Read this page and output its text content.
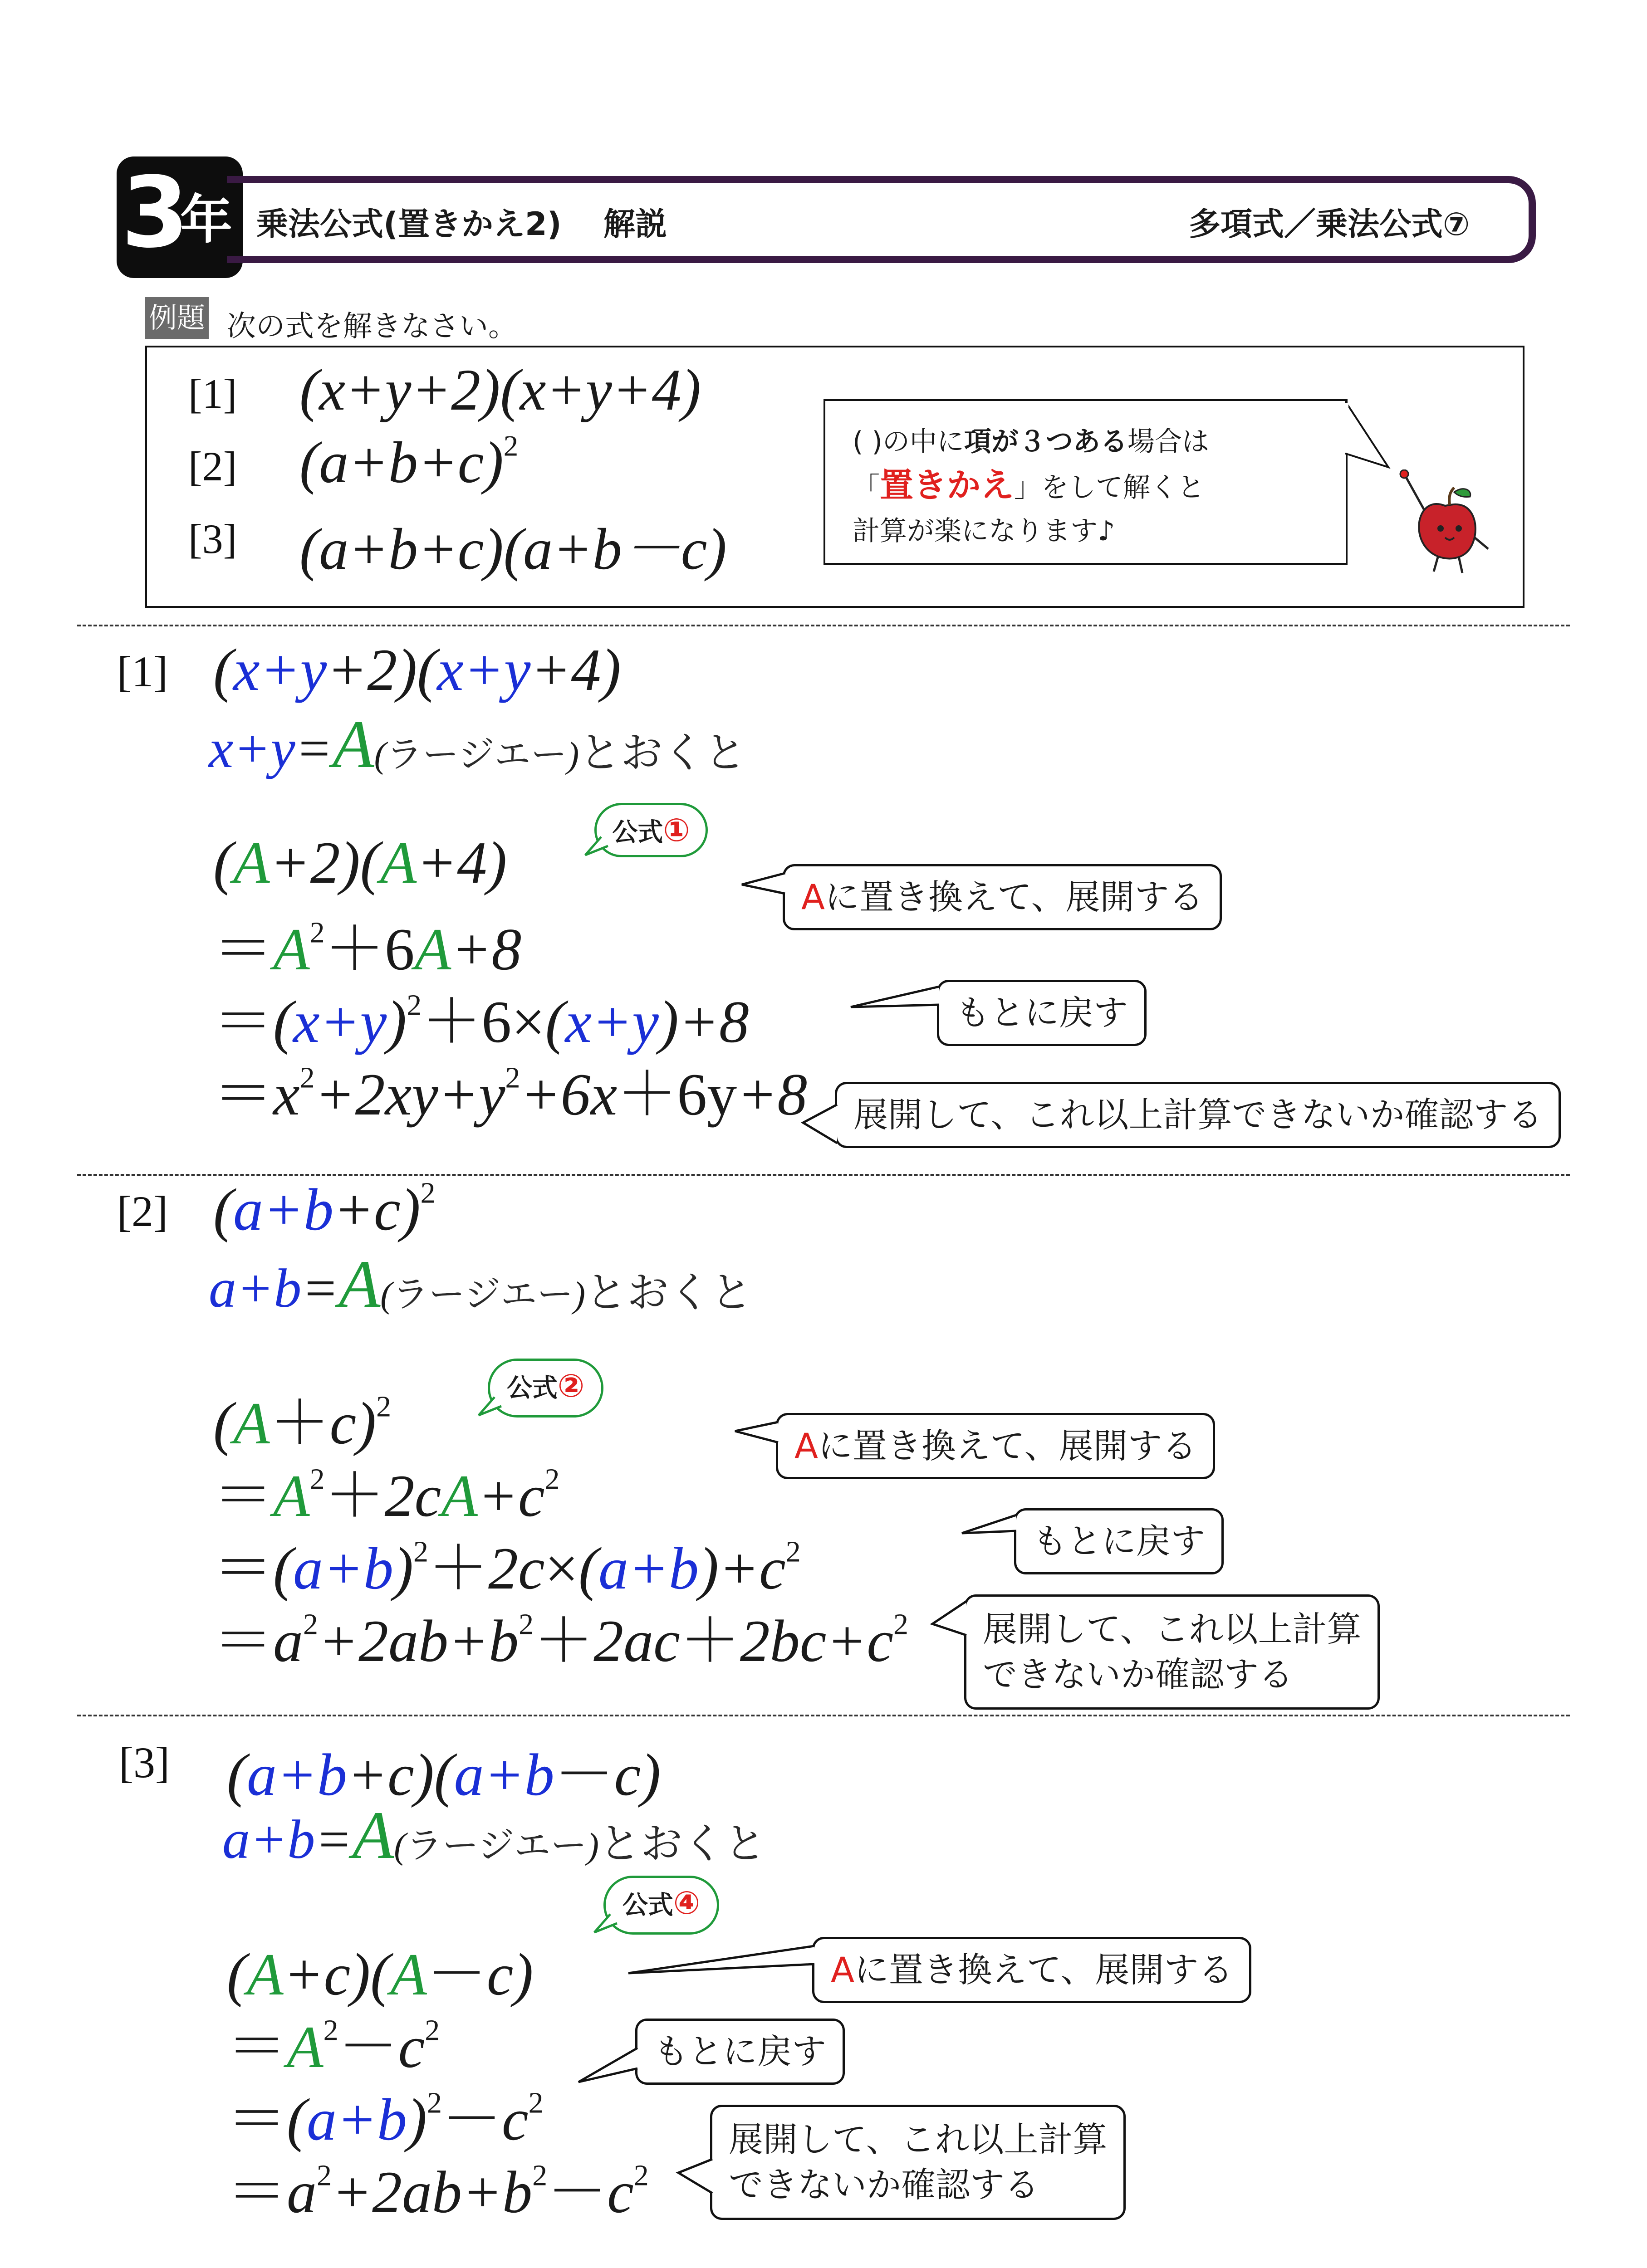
3
年 乗法公式(置きかえ2) 解説	多項式／乗法公式⑦
例題 次の式を解きなさい。
[1] (x+y+2)(x+y+4)
[2] $(a+b+c)^2$
[3] (a+b+c)(a+b－c)
( )の中に項が３つある場合は
「置きかえ」をして解くと
計算が楽になります♪
[1] (x+y+2)(x+y+4)
x+y=A(ラージエー)とおくと
(A+2)(A+4)
$=A^2+6A+8$
$=(x+y)^2+6\times(x+y)+8$
$=x^2+2xy+y^2+6x+6y+8$
公式①
Aに置き換えて、展開する
もとに戻す
展開して、これ以上計算できないか確認する
[2] $(a+b+c)^2$
a+b=A(ラージエー)とおくと
$(A+c)^2$
$=A^2+2cA+c^2$
$=(a+b)^2+2c\times(a+b)+c^2$
$=a^2+2ab+b^2+2ac+2bc+c^2$
公式②
Aに置き換えて、展開する
もとに戻す
展開して、これ以上計算
できないか確認する
[3] (a+b+c)(a+b－c)
a+b=A(ラージエー)とおくと
(A+c)(A－c)
$=A^2-c^2$
$=(a+b)^2-c^2$
$=a^2+2ab+b^2-c^2$
公式④
Aに置き換えて、展開する
もとに戻す
展開して、これ以上計算
できないか確認する
